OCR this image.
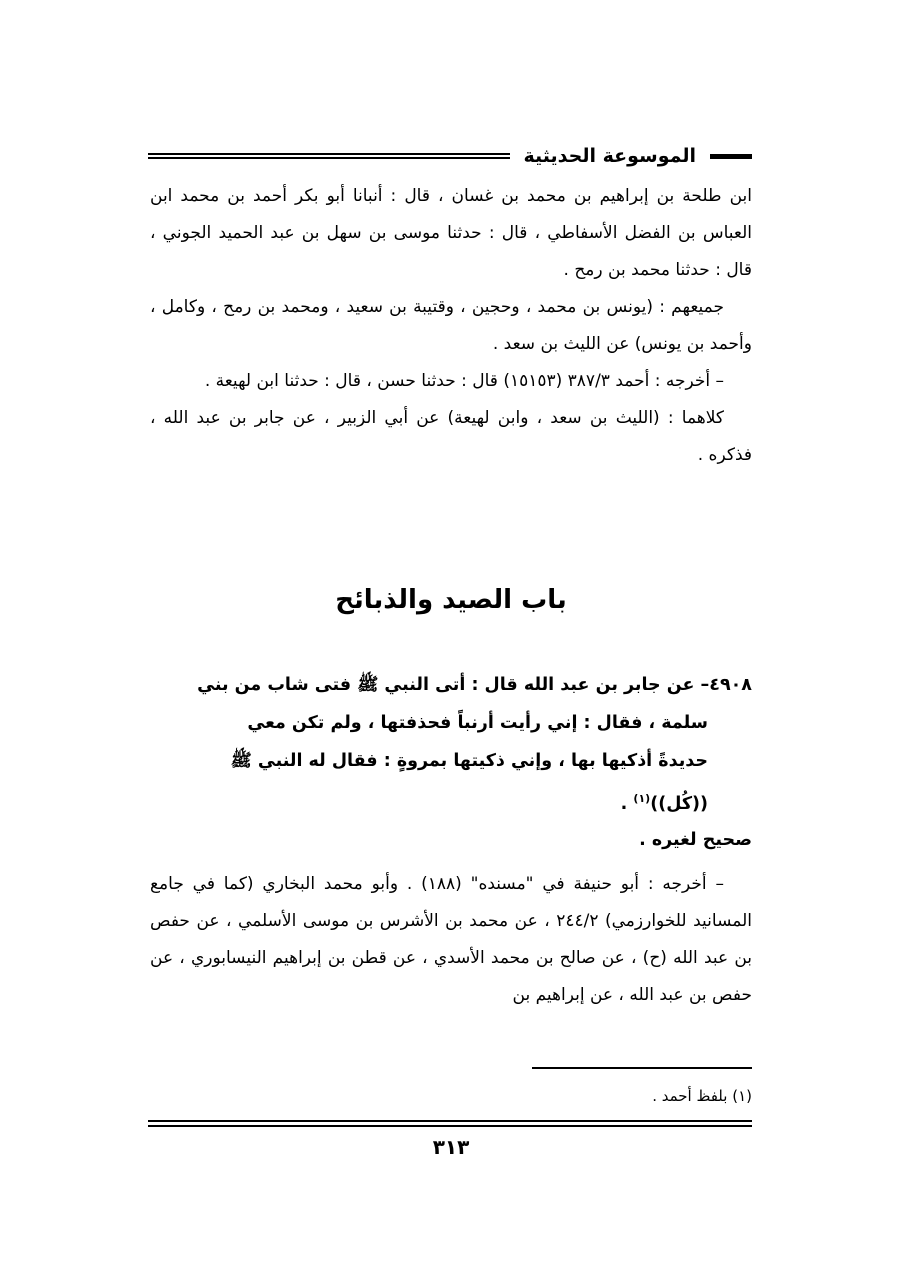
الموسوعة الحديثية

ابن طلحة بن إبراهيم بن محمد بن غسان ، قال : أنبانا أبو بكر أحمد بن محمد ابن العباس بن الفضل الأسفاطي ، قال : حدثنا موسى بن سهل بن عبد الحميد الجوني ، قال : حدثنا محمد بن رمح .

جميعهم : (يونس بن محمد ، وحجين ، وقتيبة بن سعيد ، ومحمد بن رمح ، وكامل ، وأحمد بن يونس) عن الليث بن سعد .

– أخرجه : أحمد ٣٨٧/٣ (١٥١٥٣) قال : حدثنا حسن ، قال : حدثنا ابن لهيعة .

كلاهما : (الليث بن سعد ، وابن لهيعة) عن أبي الزبير ، عن جابر بن عبد الله ، فذكره .

باب الصيد والذبائح

٤٩٠٨– عن جابر بن عبد الله قال : أتى النبي ﷺ فتى شاب من بني

سلمة ، فقال : إني رأيت أرنباً فحذفتها ، ولم تكن معي

حديدةً أذكيها بها ، وإني ذكيتها بمروةٍ : فقال له النبي ﷺ

((كُل))$^{(١)}$ .

صحيح لغيره .

– أخرجه : أبو حنيفة في "مسنده" (١٨٨) . وأبو محمد البخاري (كما في جامع المسانيد للخوارزمي) ٢٤٤/٢ ، عن محمد بن الأشرس بن موسى الأسلمي ، عن حفص بن عبد الله (ح) ، عن صالح بن محمد الأسدي ، عن قطن بن إبراهيم النيسابوري ، عن حفص بن عبد الله ، عن إبراهيم بن

(١) بلفظ أحمد .
٣١٣
